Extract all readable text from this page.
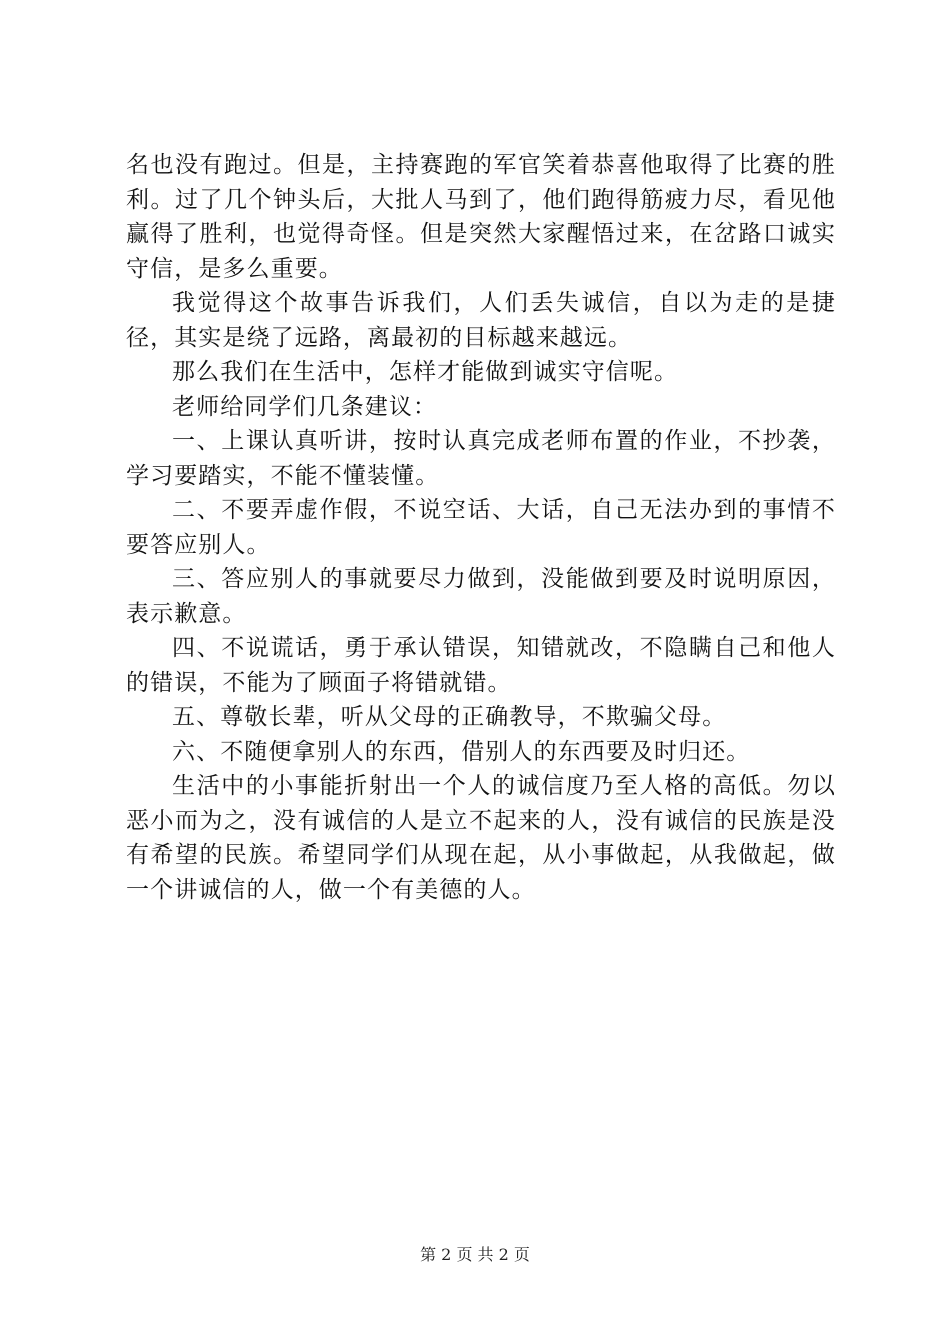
名也没有跑过。但是，主持赛跑的军官笑着恭喜他取得了比赛的胜利。过了几个钟头后，大批人马到了，他们跑得筋疲力尽，看见他赢得了胜利，也觉得奇怪。但是突然大家醒悟过来，在岔路口诚实守信，是多么重要。

我觉得这个故事告诉我们，人们丢失诚信，自以为走的是捷径，其实是绕了远路，离最初的目标越来越远。

那么我们在生活中，怎样才能做到诚实守信呢。

老师给同学们几条建议：

一、上课认真听讲，按时认真完成老师布置的作业，不抄袭，学习要踏实，不能不懂装懂。

二、不要弄虚作假，不说空话、大话，自己无法办到的事情不要答应别人。

三、答应别人的事就要尽力做到，没能做到要及时说明原因，表示歉意。

四、不说谎话，勇于承认错误，知错就改，不隐瞒自己和他人的错误，不能为了顾面子将错就错。

五、尊敬长辈，听从父母的正确教导，不欺骗父母。

六、不随便拿别人的东西，借别人的东西要及时归还。

生活中的小事能折射出一个人的诚信度乃至人格的高低。勿以恶小而为之，没有诚信的人是立不起来的人，没有诚信的民族是没有希望的民族。希望同学们从现在起，从小事做起，从我做起，做一个讲诚信的人，做一个有美德的人。

第 2 页 共 2 页
